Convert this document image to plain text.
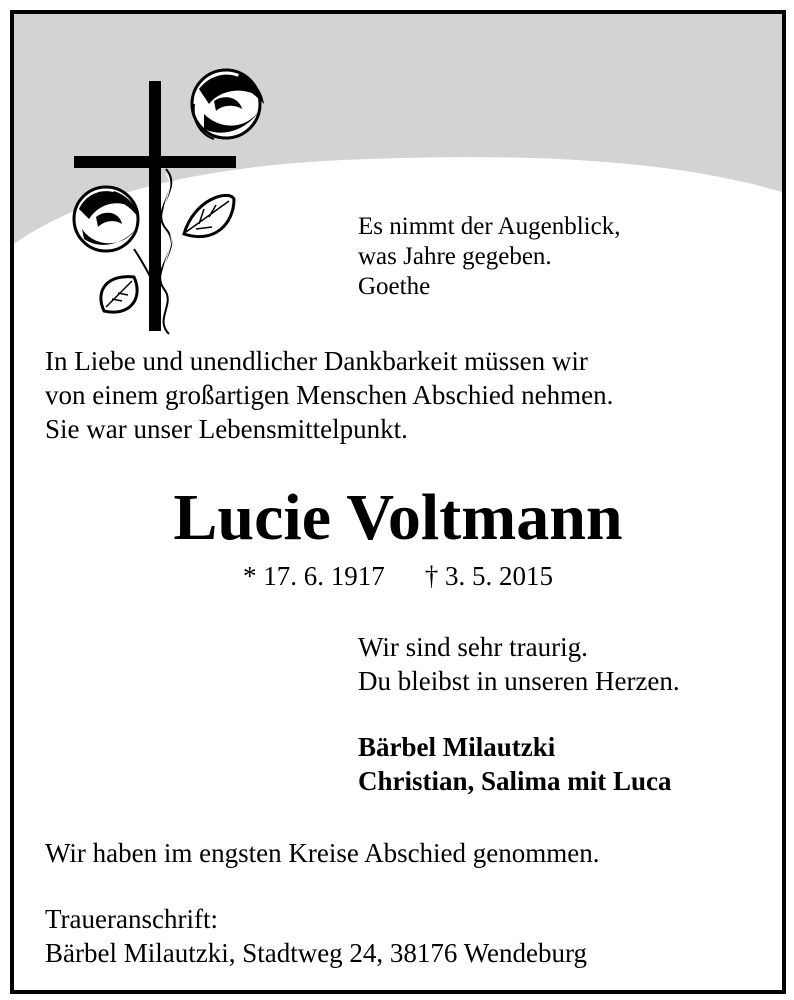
Es nimmt der Augenblick,
was Jahre gegeben.
Goethe
In Liebe und unendlicher Dankbarkeit müssen wir
von einem großartigen Menschen Abschied nehmen.
Sie war unser Lebensmittelpunkt.
Lucie Voltmann
* 17. 6. 1917 † 3. 5. 2015
Wir sind sehr traurig.
Du bleibst in unseren Herzen.
Bärbel Milautzki
Christian, Salima mit Luca
Wir haben im engsten Kreise Abschied genommen.
Traueranschrift:
Bärbel Milautzki, Stadtweg 24, 38176 Wendeburg
